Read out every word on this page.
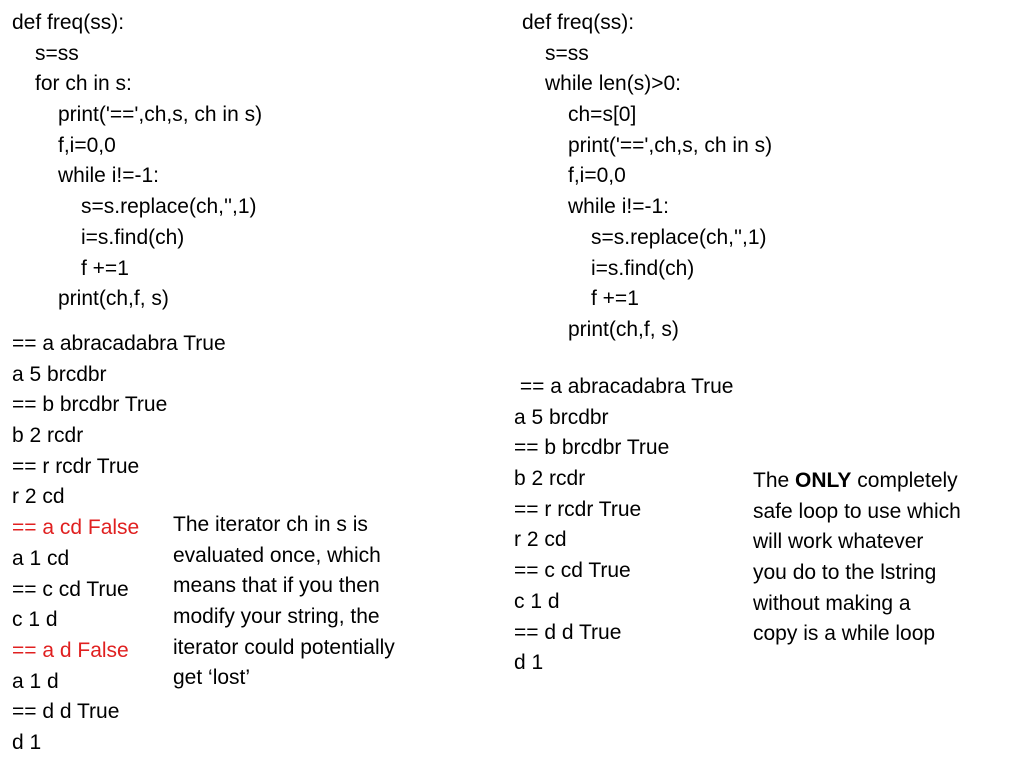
def freq(ss):
s=ss
for ch in s:
print('==',ch,s, ch in s)
f,i=0,0
while i!=-1:
s=s.replace(ch,'',1)
i=s.find(ch)
f +=1
print(ch,f, s)
== a abracadabra True
a 5 brcdbr
== b brcdbr True
b 2 rcdr
== r rcdr True
r 2 cd
== a cd False
a 1 cd
== c cd True
c 1 d
== a d False
a 1 d
== d d True
d 1
The iterator ch in s is
evaluated once, which
means that if you then
modify your string, the
iterator could potentially
get ‘lost’
def freq(ss):
s=ss
while len(s)>0:
ch=s[0]
print('==',ch,s, ch in s)
f,i=0,0
while i!=-1:
s=s.replace(ch,'',1)
i=s.find(ch)
f +=1
print(ch,f, s)
== a abracadabra True
a 5 brcdbr
== b brcdbr True
b 2 rcdr
== r rcdr True
r 2 cd
== c cd True
c 1 d
== d d True
d 1
The ONLY completely
safe loop to use which
will work whatever
you do to the lstring
without making a
copy is a while loop
